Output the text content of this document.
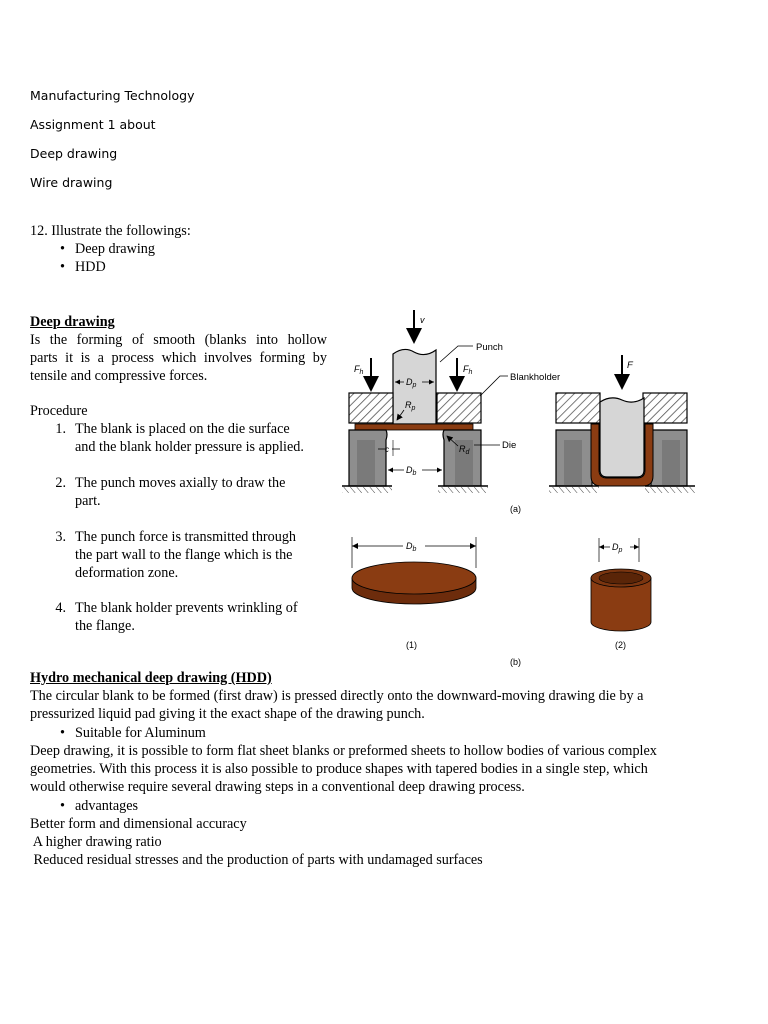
Manufacturing Technology

Assignment 1 about

Deep drawing

Wire drawing

12. Illustrate the followings:

• Deep drawing
• HDD

Deep drawing

Is the forming of smooth (blanks into hollow

parts it is a process which involves forming by

tensile and compressive forces.

Procedure

1. The blank is placed on the die surface
and the blank holder pressure is applied.
2. The punch moves axially to draw the
part.
3. The punch force is transmitted through
the part wall to the flange which is the
deformation zone.
4. The blank holder prevents wrinkling of
the flange.
v
$F_h$	$F_h$
$D_p$
$R_p$
c	$R_d$
$D_b$
Punch
Blankholder
Die
F
(a)
$D_b$
(1)
$D_p$
(2)
(b)

Hydro mechanical deep drawing (HDD)

The circular blank to be formed (first draw) is pressed directly onto the downward-moving drawing die by a

pressurized liquid pad giving it the exact shape of the drawing punch.

• Suitable for Aluminum

Deep drawing, it is possible to form flat sheet blanks or preformed sheets to hollow bodies of various complex

geometries. With this process it is also possible to produce shapes with tapered bodies in a single step, which

would otherwise require several drawing steps in a conventional deep drawing process.

• advantages

Better form and dimensional accuracy

A higher drawing ratio

Reduced residual stresses and the production of parts with undamaged surfaces
